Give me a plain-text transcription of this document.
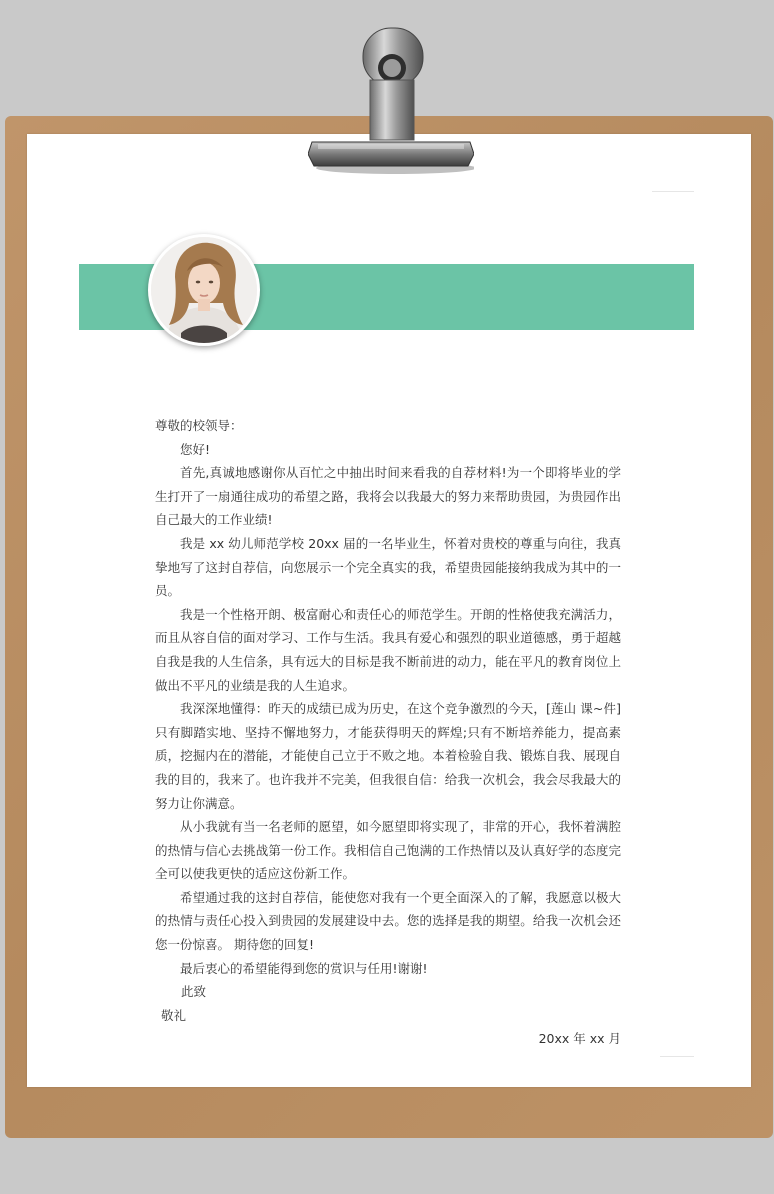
尊敬的校领导：

您好!

首先,真诚地感谢你从百忙之中抽出时间来看我的自荐材料!为一个即将毕业的学生打开了一扇通往成功的希望之路，我将会以我最大的努力来帮助贵园，为贵园作出自己最大的工作业绩!

我是 xx 幼儿师范学校 20xx 届的一名毕业生，怀着对贵校的尊重与向往，我真挚地写了这封自荐信，向您展示一个完全真实的我，希望贵园能接纳我成为其中的一员。

我是一个性格开朗、极富耐心和责任心的师范学生。开朗的性格使我充满活力，而且从容自信的面对学习、工作与生活。我具有爱心和强烈的职业道德感，勇于超越自我是我的人生信条，具有远大的目标是我不断前进的动力，能在平凡的教育岗位上做出不平凡的业绩是我的人生追求。

我深深地懂得：昨天的成绩已成为历史，在这个竞争激烈的今天，[莲山 课~件]只有脚踏实地、坚持不懈地努力，才能获得明天的辉煌;只有不断培养能力，提高素质，挖掘内在的潜能，才能使自己立于不败之地。本着检验自我、锻炼自我、展现自我的目的，我来了。也许我并不完美，但我很自信：给我一次机会，我会尽我最大的努力让你满意。

从小我就有当一名老师的愿望，如今愿望即将实现了，非常的开心，我怀着满腔的热情与信心去挑战第一份工作。我相信自己饱满的工作热情以及认真好学的态度完全可以使我更快的适应这份新工作。

希望通过我的这封自荐信，能使您对我有一个更全面深入的了解，我愿意以极大的热情与责任心投入到贵园的发展建设中去。您的选择是我的期望。给我一次机会还您一份惊喜。 期待您的回复!

最后衷心的希望能得到您的赏识与任用!谢谢!

此致

敬礼

20xx 年 xx 月
